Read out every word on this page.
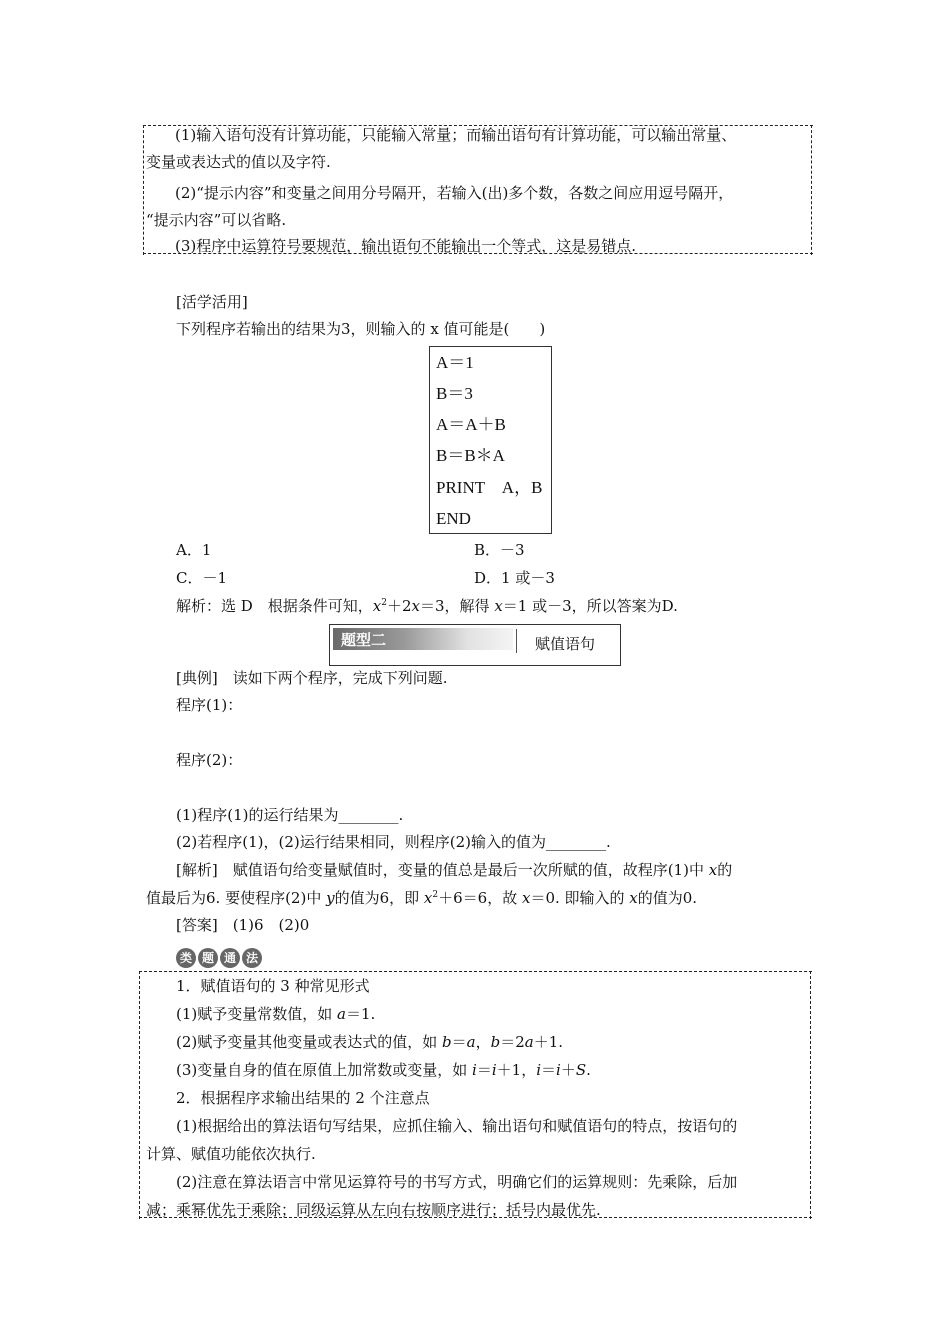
(1)输入语句没有计算功能，只能输入常量；而输出语句有计算功能，可以输出常量、
变量或表达式的值以及字符.
(2)“提示内容”和变量之间用分号隔开，若输入(出)多个数，各数之间应用逗号隔开，
“提示内容”可以省略.
(3)程序中运算符号要规范，输出语句不能输出一个等式，这是易错点.
[活学活用]
下列程序若输出的结果为3，则输入的 x 值可能是(　　)
A＝1
B＝3
A＝A＋B
B＝B＊A
PRINT　A，B
END
A．1	B．－3
C．－1	D．1 或－3
解析：选 D　根据条件可知，$x^2+2x=3$，解得 x＝1 或－3，所以答案为D.
题型二	赋值语句
[典例]　读如下两个程序，完成下列问题.
程序(1)：
程序(2)：
(1)程序(1)的运行结果为________.
(2)若程序(1)，(2)运行结果相同，则程序(2)输入的值为________.
[解析]　赋值语句给变量赋值时，变量的值总是最后一次所赋的值，故程序(1)中 x的
值最后为6. 要使程序(2)中 y的值为6，即 $x^2+6=6$，故 x＝0. 即输入的 x的值为0.
[答案]　(1)6　(2)0
类 题 通 法
1．赋值语句的 3 种常见形式
(1)赋予变量常数值，如 a＝1.
(2)赋予变量其他变量或表达式的值，如 b＝a，b＝2a＋1.
(3)变量自身的值在原值上加常数或变量，如 i＝i＋1，i＝i＋S.
2．根据程序求输出结果的 2 个注意点
(1)根据给出的算法语句写结果，应抓住输入、输出语句和赋值语句的特点，按语句的
计算、赋值功能依次执行.
(2)注意在算法语言中常见运算符号的书写方式，明确它们的运算规则：先乘除，后加
减；乘幂优先于乘除；同级运算从左向右按顺序进行；括号内最优先.
